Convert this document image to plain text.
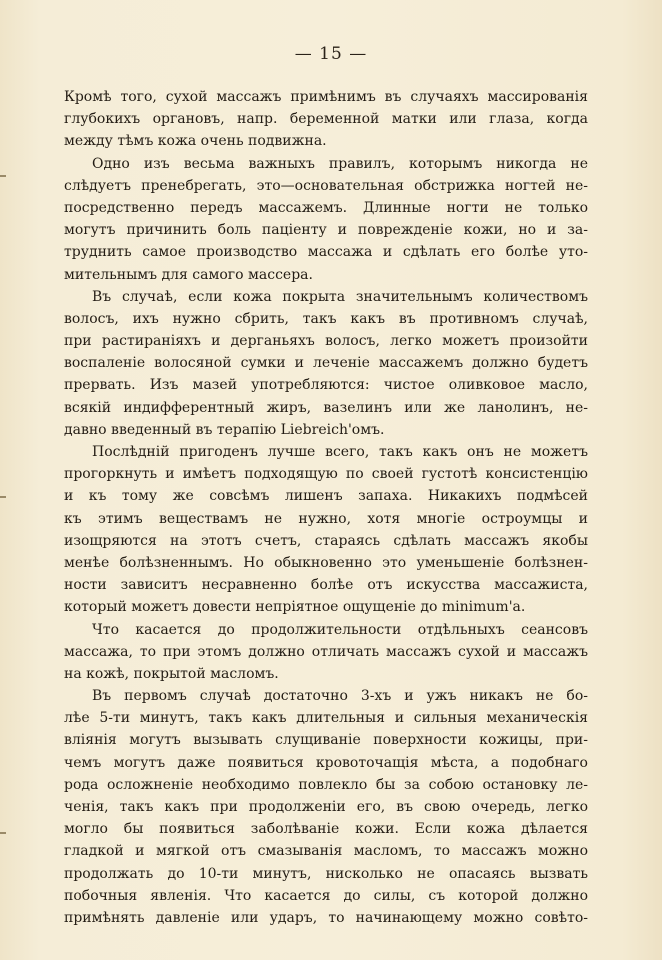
— 15 —
Кромѣ того, сухой массажъ примѣнимъ въ случаяхъ массированія
глубокихъ органовъ, напр. беременной матки или глаза, когда
между тѣмъ кожа очень подвижна.
Одно изъ весьма важныхъ правилъ, которымъ никогда не
слѣдуетъ пренебрегать, это—основательная обстрижка ногтей не-
посредственно передъ массажемъ. Длинные ногти не только
могутъ причинить боль паціенту и поврежденіе кожи, но и за-
труднить самое производство массажа и сдѣлать его болѣе уто-
мительнымъ для самого массера.
Въ случаѣ, если кожа покрыта значительнымъ количествомъ
волосъ, ихъ нужно сбрить, такъ какъ въ противномъ случаѣ,
при растираніяхъ и дерганьяхъ волосъ, легко можетъ произойти
воспаленіе волосяной сумки и леченіе массажемъ должно будетъ
прервать. Изъ мазей употребляются: чистое оливковое масло,
всякій индифферентный жиръ, вазелинъ или же ланолинъ, не-
давно введенный въ терапію Liebreich'омъ.
Послѣдній пригоденъ лучше всего, такъ какъ онъ не можетъ
прогоркнуть и имѣетъ подходящую по своей густотѣ консистенцію
и къ тому же совсѣмъ лишенъ запаха. Никакихъ подмѣсей
къ этимъ веществамъ не нужно, хотя многіе остроумцы и
изощряются на этотъ счетъ, стараясь сдѣлать массажъ якобы
менѣе болѣзненнымъ. Но обыкновенно это уменьшеніе болѣзнен-
ности зависитъ несравненно болѣе отъ искусства массажиста,
который можетъ довести непріятное ощущеніе до minimum'a.
Что касается до продолжительности отдѣльныхъ сеансовъ
массажа, то при этомъ должно отличать массажъ сухой и массажъ
на кожѣ, покрытой масломъ.
Въ первомъ случаѣ достаточно 3-хъ и ужъ никакъ не бо-
лѣе 5-ти минутъ, такъ какъ длительныя и сильныя механическія
вліянія могутъ вызывать слущиваніе поверхности кожицы, при-
чемъ могутъ даже появиться кровоточащія мѣста, а подобнаго
рода осложненіе необходимо повлекло бы за собою остановку ле-
ченія, такъ какъ при продолженіи его, въ свою очередь, легко
могло бы появиться заболѣваніе кожи. Если кожа дѣлается
гладкой и мягкой отъ смазыванія масломъ, то массажъ можно
продолжать до 10-ти минутъ, нисколько не опасаясь вызвать
побочныя явленія. Что касается до силы, съ которой должно
примѣнять давленіе или ударъ, то начинающему можно совѣто-
